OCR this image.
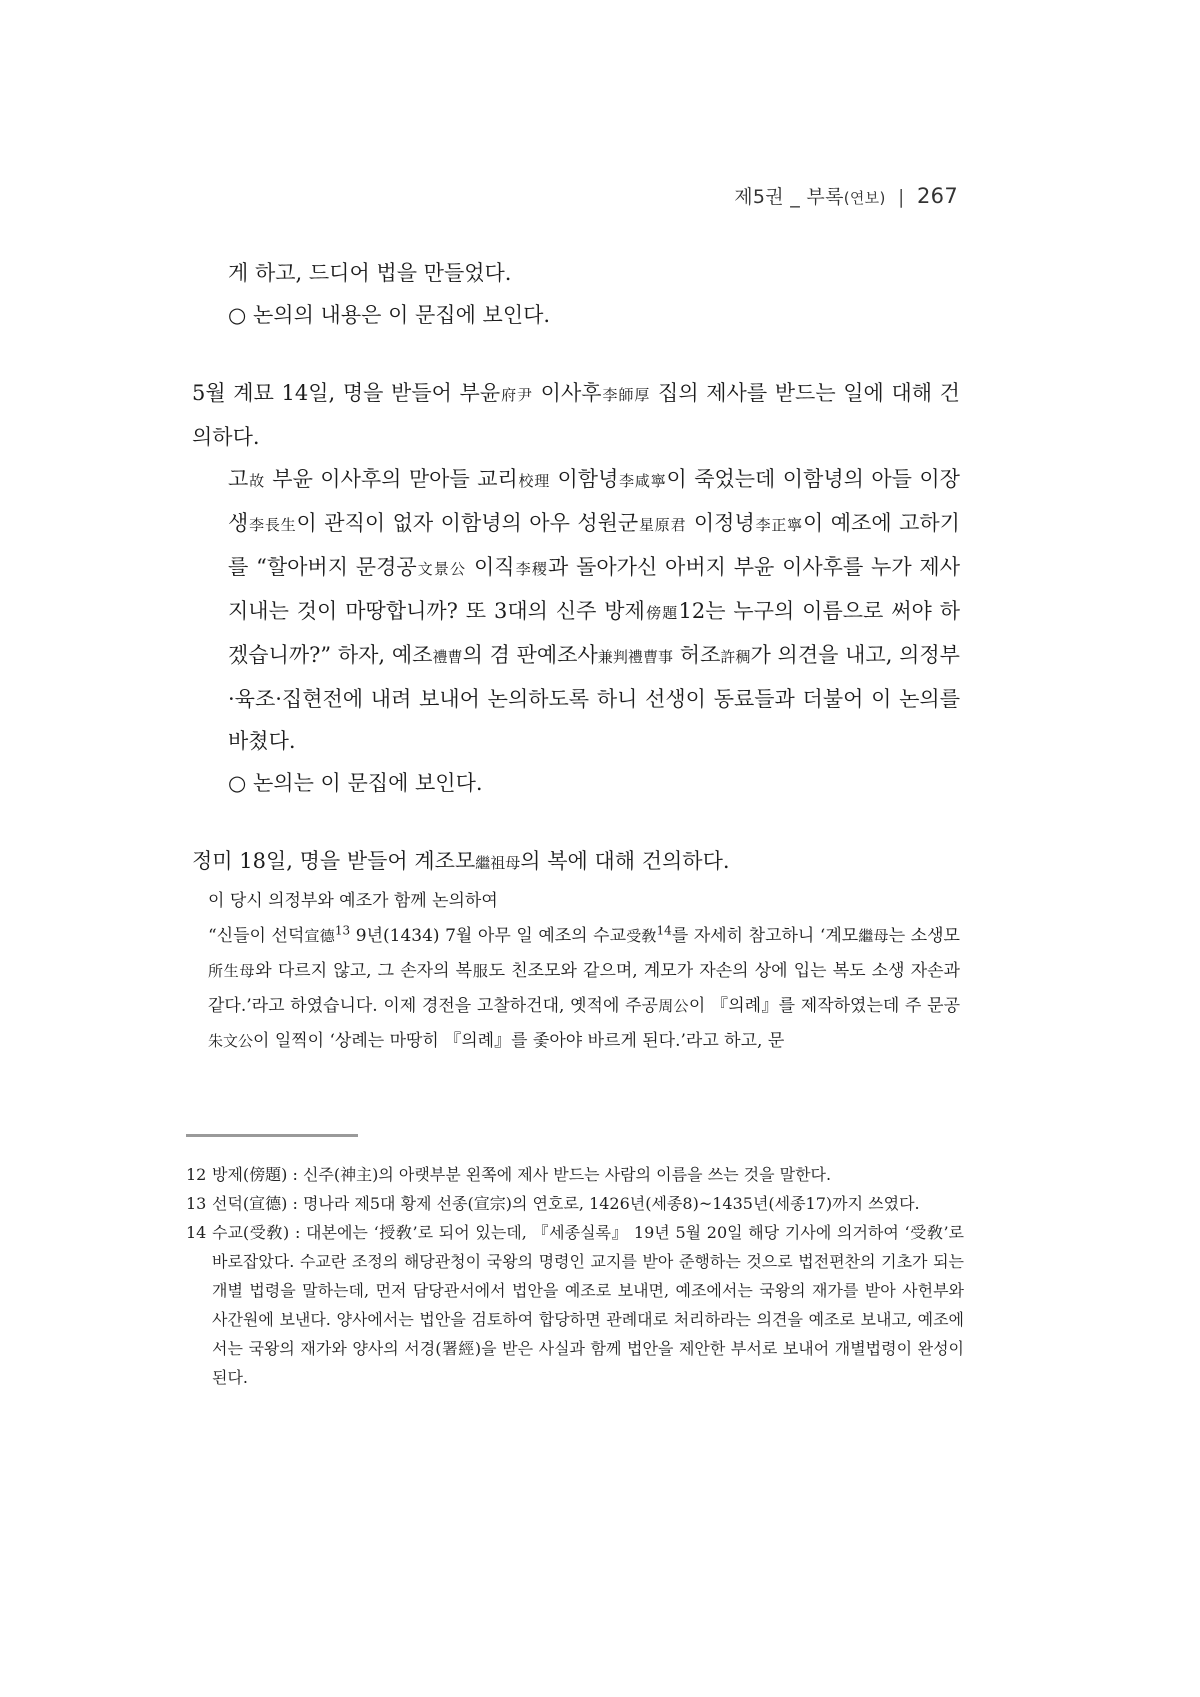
제5권 _ 부록(연보) | 267

게 하고, 드디어 법을 만들었다.

○ 논의의 내용은 이 문집에 보인다.

5월 계묘 14일, 명을 받들어 부윤府尹 이사후李師厚 집의 제사를 받드는 일에 대해 건의하다.

고故 부윤 이사후의 맏아들 교리校理 이함녕李咸寧이 죽었는데 이함녕의 아들 이장생李長生이 관직이 없자 이함녕의 아우 성원군星原君 이정녕李正寧이 예조에 고하기를 “할아버지 문경공文景公 이직李稷과 돌아가신 아버지 부윤 이사후를 누가 제사 지내는 것이 마땅합니까? 또 3대의 신주 방제傍題12는 누구의 이름으로 써야 하겠습니까?” 하자, 예조禮曹의 겸 판예조사兼判禮曹事 허조許稠가 의견을 내고, 의정부·육조·집현전에 내려 보내어 논의하도록 하니 선생이 동료들과 더불어 이 논의를 바쳤다.

○ 논의는 이 문집에 보인다.

정미 18일, 명을 받들어 계조모繼祖母의 복에 대해 건의하다.

이 당시 의정부와 예조가 함께 논의하여

“신들이 선덕宣德$^{13}$ 9년(1434) 7월 아무 일 예조의 수교受敎$^{14}$를 자세히 참고하니 ‘계모繼母는 소생모所生母와 다르지 않고, 그 손자의 복服도 친조모와 같으며, 계모가 자손의 상에 입는 복도 소생 자손과 같다.’라고 하였습니다. 이제 경전을 고찰하건대, 옛적에 주공周公이 『의례』를 제작하였는데 주 문공朱文公이 일찍이 ‘상례는 마땅히 『의례』를 좇아야 바르게 된다.’라고 하고, 문

12 방제(傍題) : 신주(神主)의 아랫부분 왼쪽에 제사 받드는 사람의 이름을 쓰는 것을 말한다.

13 선덕(宣德) : 명나라 제5대 황제 선종(宣宗)의 연호로, 1426년(세종8)~1435년(세종17)까지 쓰였다.

14 수교(受敎) : 대본에는 ‘授敎’로 되어 있는데, 『세종실록』 19년 5월 20일 해당 기사에 의거하여 ‘受敎’로 바로잡았다. 수교란 조정의 해당관청이 국왕의 명령인 교지를 받아 준행하는 것으로 법전편찬의 기초가 되는 개별 법령을 말하는데, 먼저 담당관서에서 법안을 예조로 보내면, 예조에서는 국왕의 재가를 받아 사헌부와 사간원에 보낸다. 양사에서는 법안을 검토하여 합당하면 관례대로 처리하라는 의견을 예조로 보내고, 예조에서는 국왕의 재가와 양사의 서경(署經)을 받은 사실과 함께 법안을 제안한 부서로 보내어 개별법령이 완성이 된다.
